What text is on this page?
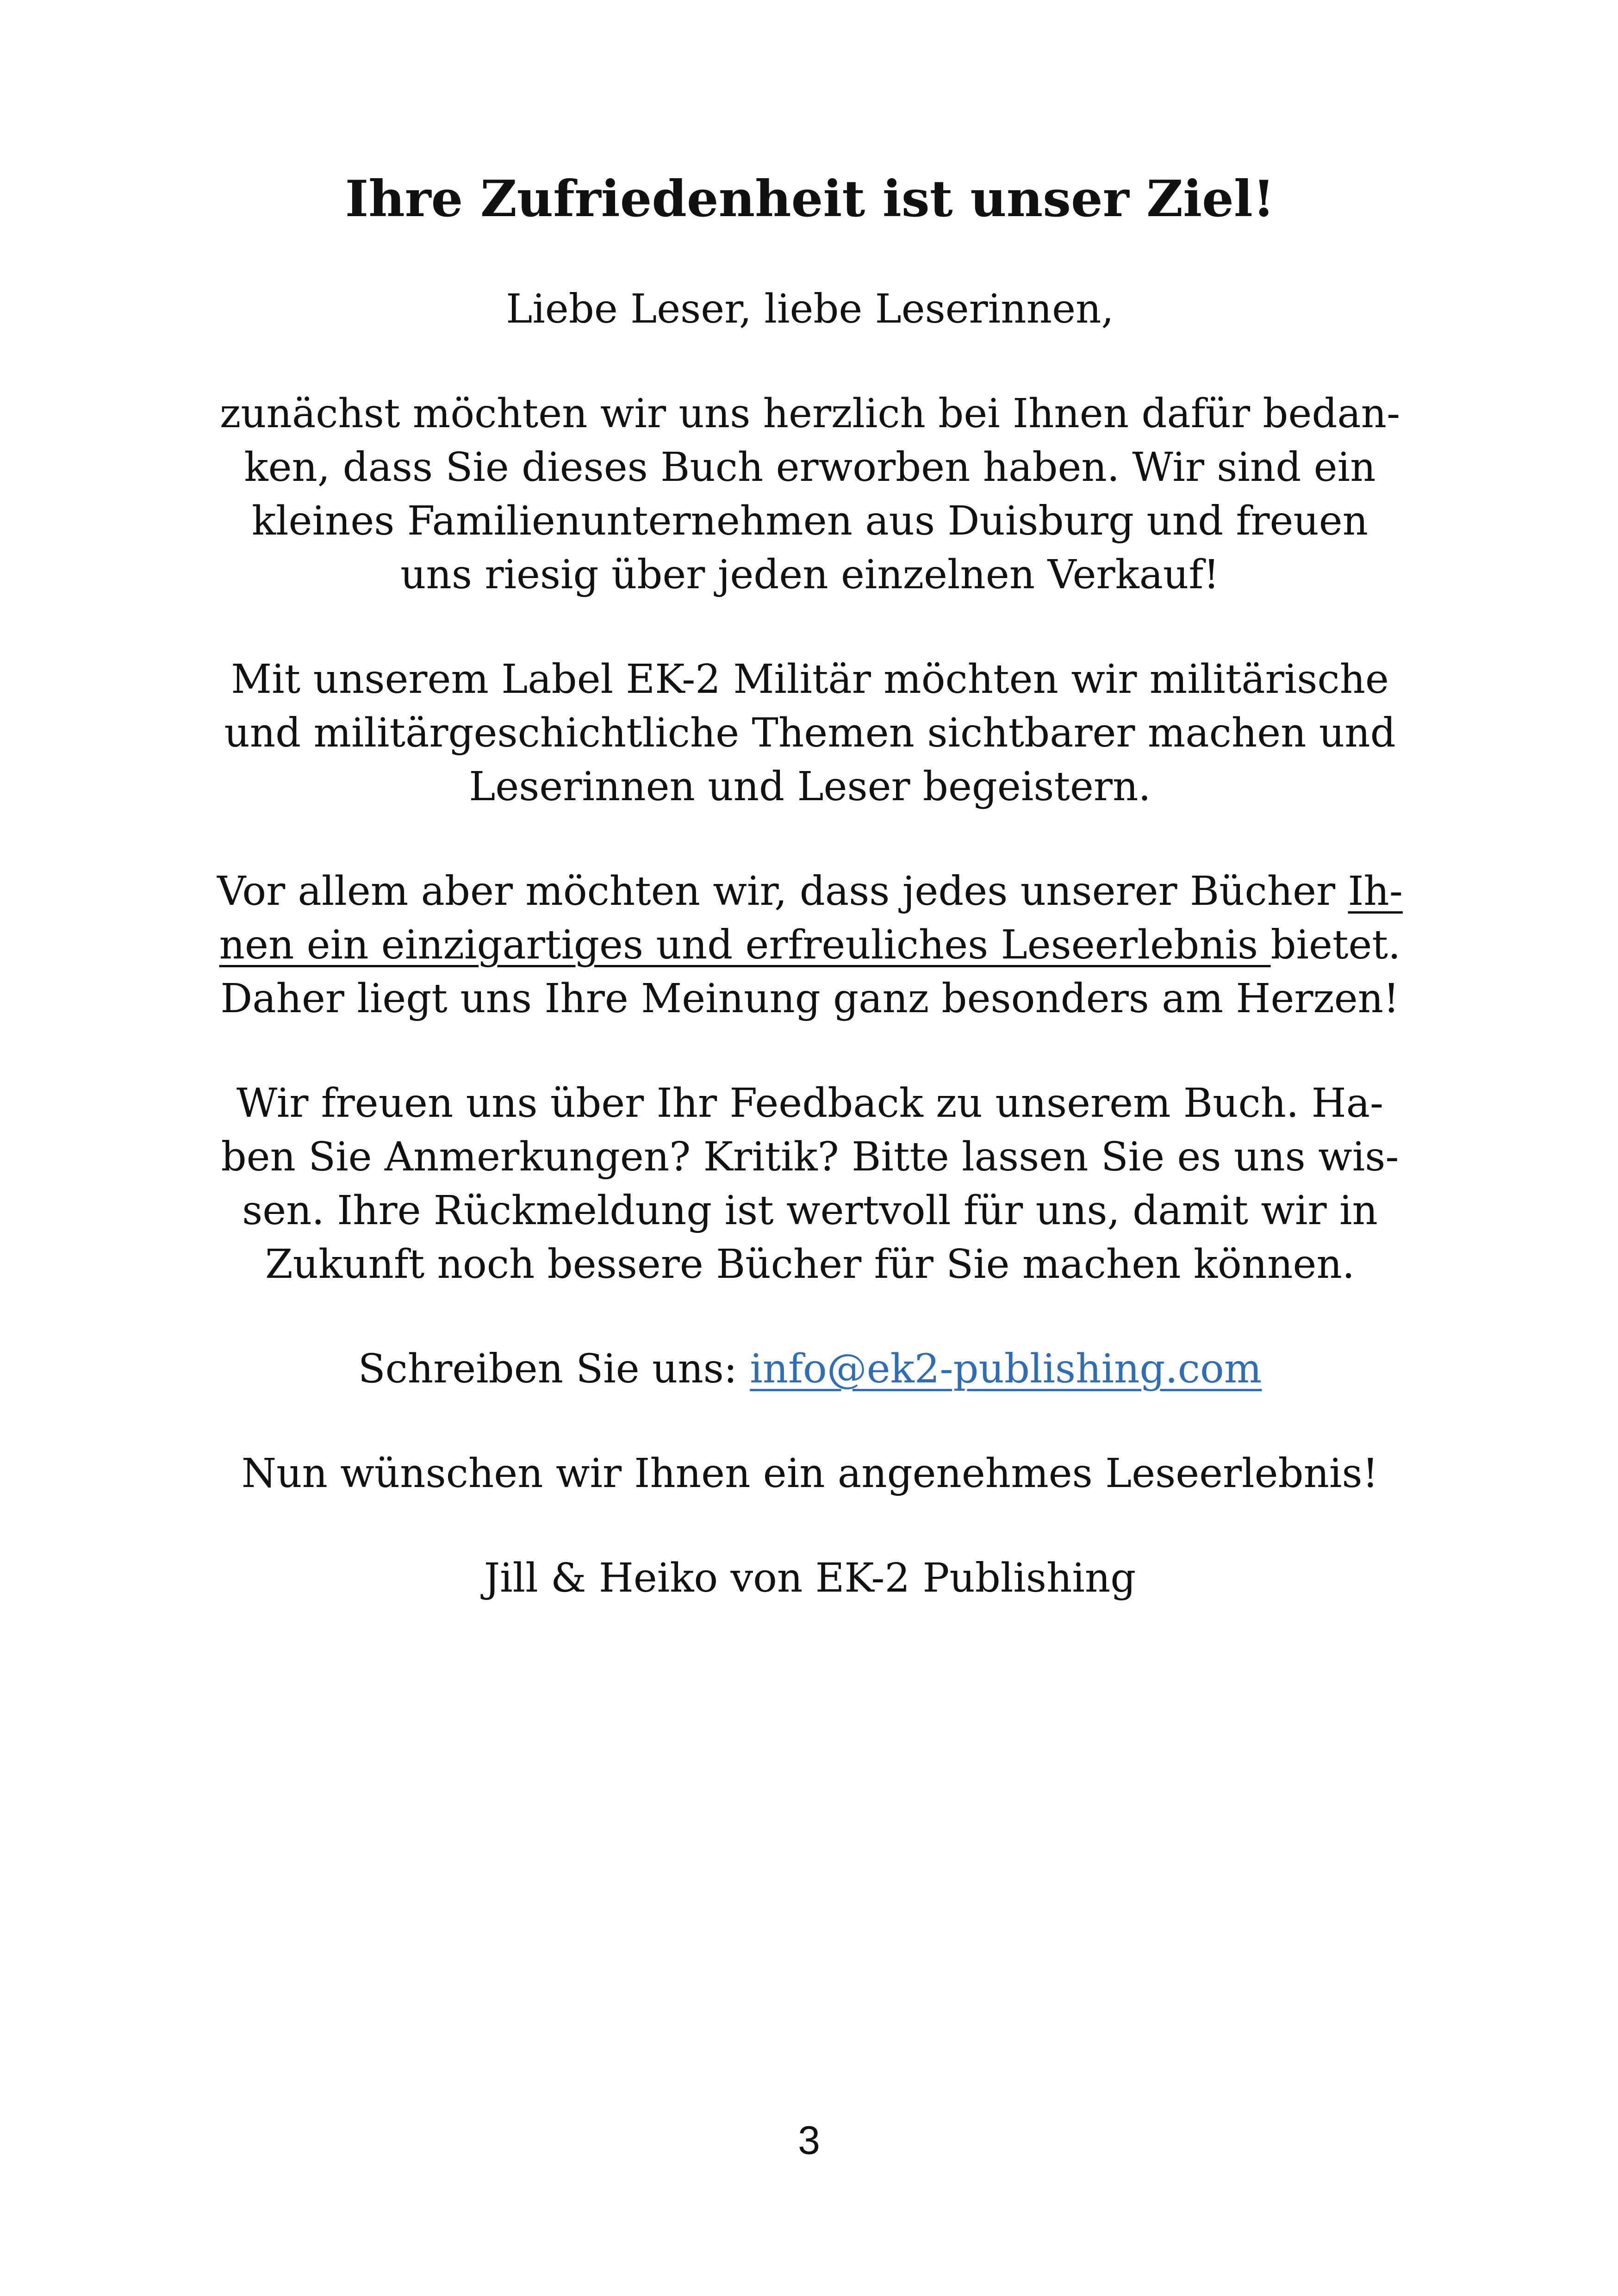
Ihre Zufriedenheit ist unser Ziel!

Liebe Leser, liebe Leserinnen,

zunächst möchten wir uns herzlich bei Ihnen dafür bedan-
ken, dass Sie dieses Buch erworben haben. Wir sind ein
kleines Familienunternehmen aus Duisburg und freuen
uns riesig über jeden einzelnen Verkauf!

Mit unserem Label EK-2 Militär möchten wir militärische
und militärgeschichtliche Themen sichtbarer machen und
Leserinnen und Leser begeistern.

Vor allem aber möchten wir, dass jedes unserer Bücher Ih-
nen ein einzigartiges und erfreuliches Leseerlebnis bietet.
Daher liegt uns Ihre Meinung ganz besonders am Herzen!

Wir freuen uns über Ihr Feedback zu unserem Buch. Ha-
ben Sie Anmerkungen? Kritik? Bitte lassen Sie es uns wis-
sen. Ihre Rückmeldung ist wertvoll für uns, damit wir in
Zukunft noch bessere Bücher für Sie machen können.

Schreiben Sie uns: info@ek2-publishing.com

Nun wünschen wir Ihnen ein angenehmes Leseerlebnis!

Jill & Heiko von EK-2 Publishing

3
